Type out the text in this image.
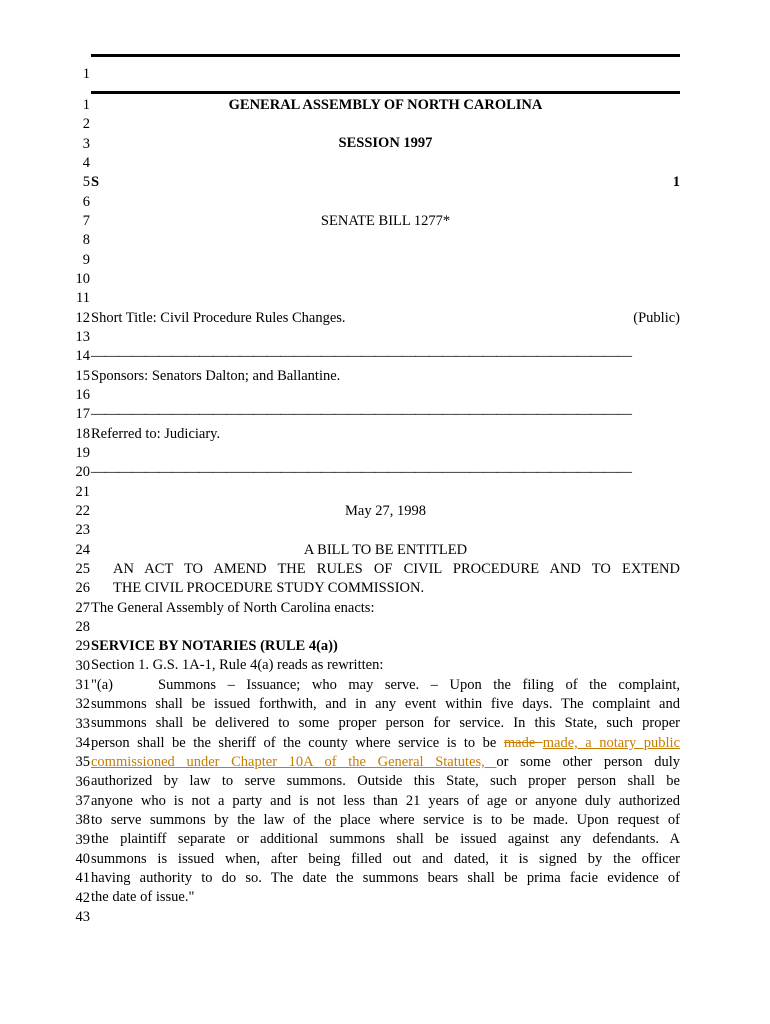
1
1
2
3
4
5
6
7
8
9
10
11
12
13
14
15
16
17
18
19
20
21
22
23
24
25
26
27
28
29
30
31
32
33
34
35
36
37
38
39
40
41
42
43
GENERAL ASSEMBLY OF NORTH CAROLINA
SESSION 1997
S	1
SENATE BILL 1277*
Short Title: Civil Procedure Rules Changes.	(Public)
————————————————————————————————————————
Sponsors: Senators Dalton; and Ballantine.
————————————————————————————————————————
Referred to: Judiciary.
————————————————————————————————————————
May 27, 1998
A BILL TO BE ENTITLED
AN ACT TO AMEND THE RULES OF CIVIL PROCEDURE AND TO EXTEND
THE CIVIL PROCEDURE STUDY COMMISSION.
The General Assembly of North Carolina enacts:
SERVICE BY NOTARIES (RULE 4(a))
Section 1. G.S. 1A-1, Rule 4(a) reads as rewritten:
"(a)	Summons – Issuance; who may serve. – Upon the filing of the complaint,
summons shall be issued forthwith, and in any event within five days. The complaint and
summons shall be delivered to some proper person for service. In this State, such proper
person shall be the sheriff of the county where service is to be made made, a notary public
commissioned under Chapter 10A of the General Statutes, or some other person duly
authorized by law to serve summons. Outside this State, such proper person shall be
anyone who is not a party and is not less than 21 years of age or anyone duly authorized
to serve summons by the law of the place where service is to be made. Upon request of
the plaintiff separate or additional summons shall be issued against any defendants. A
summons is issued when, after being filled out and dated, it is signed by the officer
having authority to do so. The date the summons bears shall be prima facie evidence of
the date of issue."
